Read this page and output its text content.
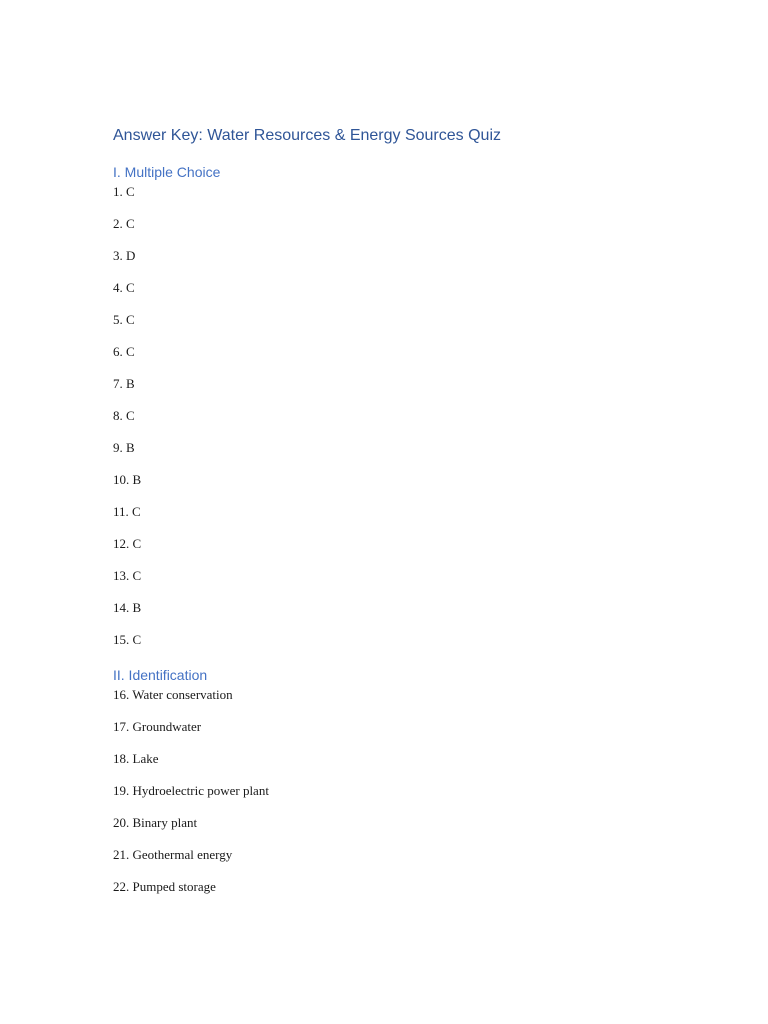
Answer Key: Water Resources & Energy Sources Quiz
I. Multiple Choice
1. C
2. C
3. D
4. C
5. C
6. C
7. B
8. C
9. B
10. B
11. C
12. C
13. C
14. B
15. C
II. Identification
16. Water conservation
17. Groundwater
18. Lake
19. Hydroelectric power plant
20. Binary plant
21. Geothermal energy
22. Pumped storage
